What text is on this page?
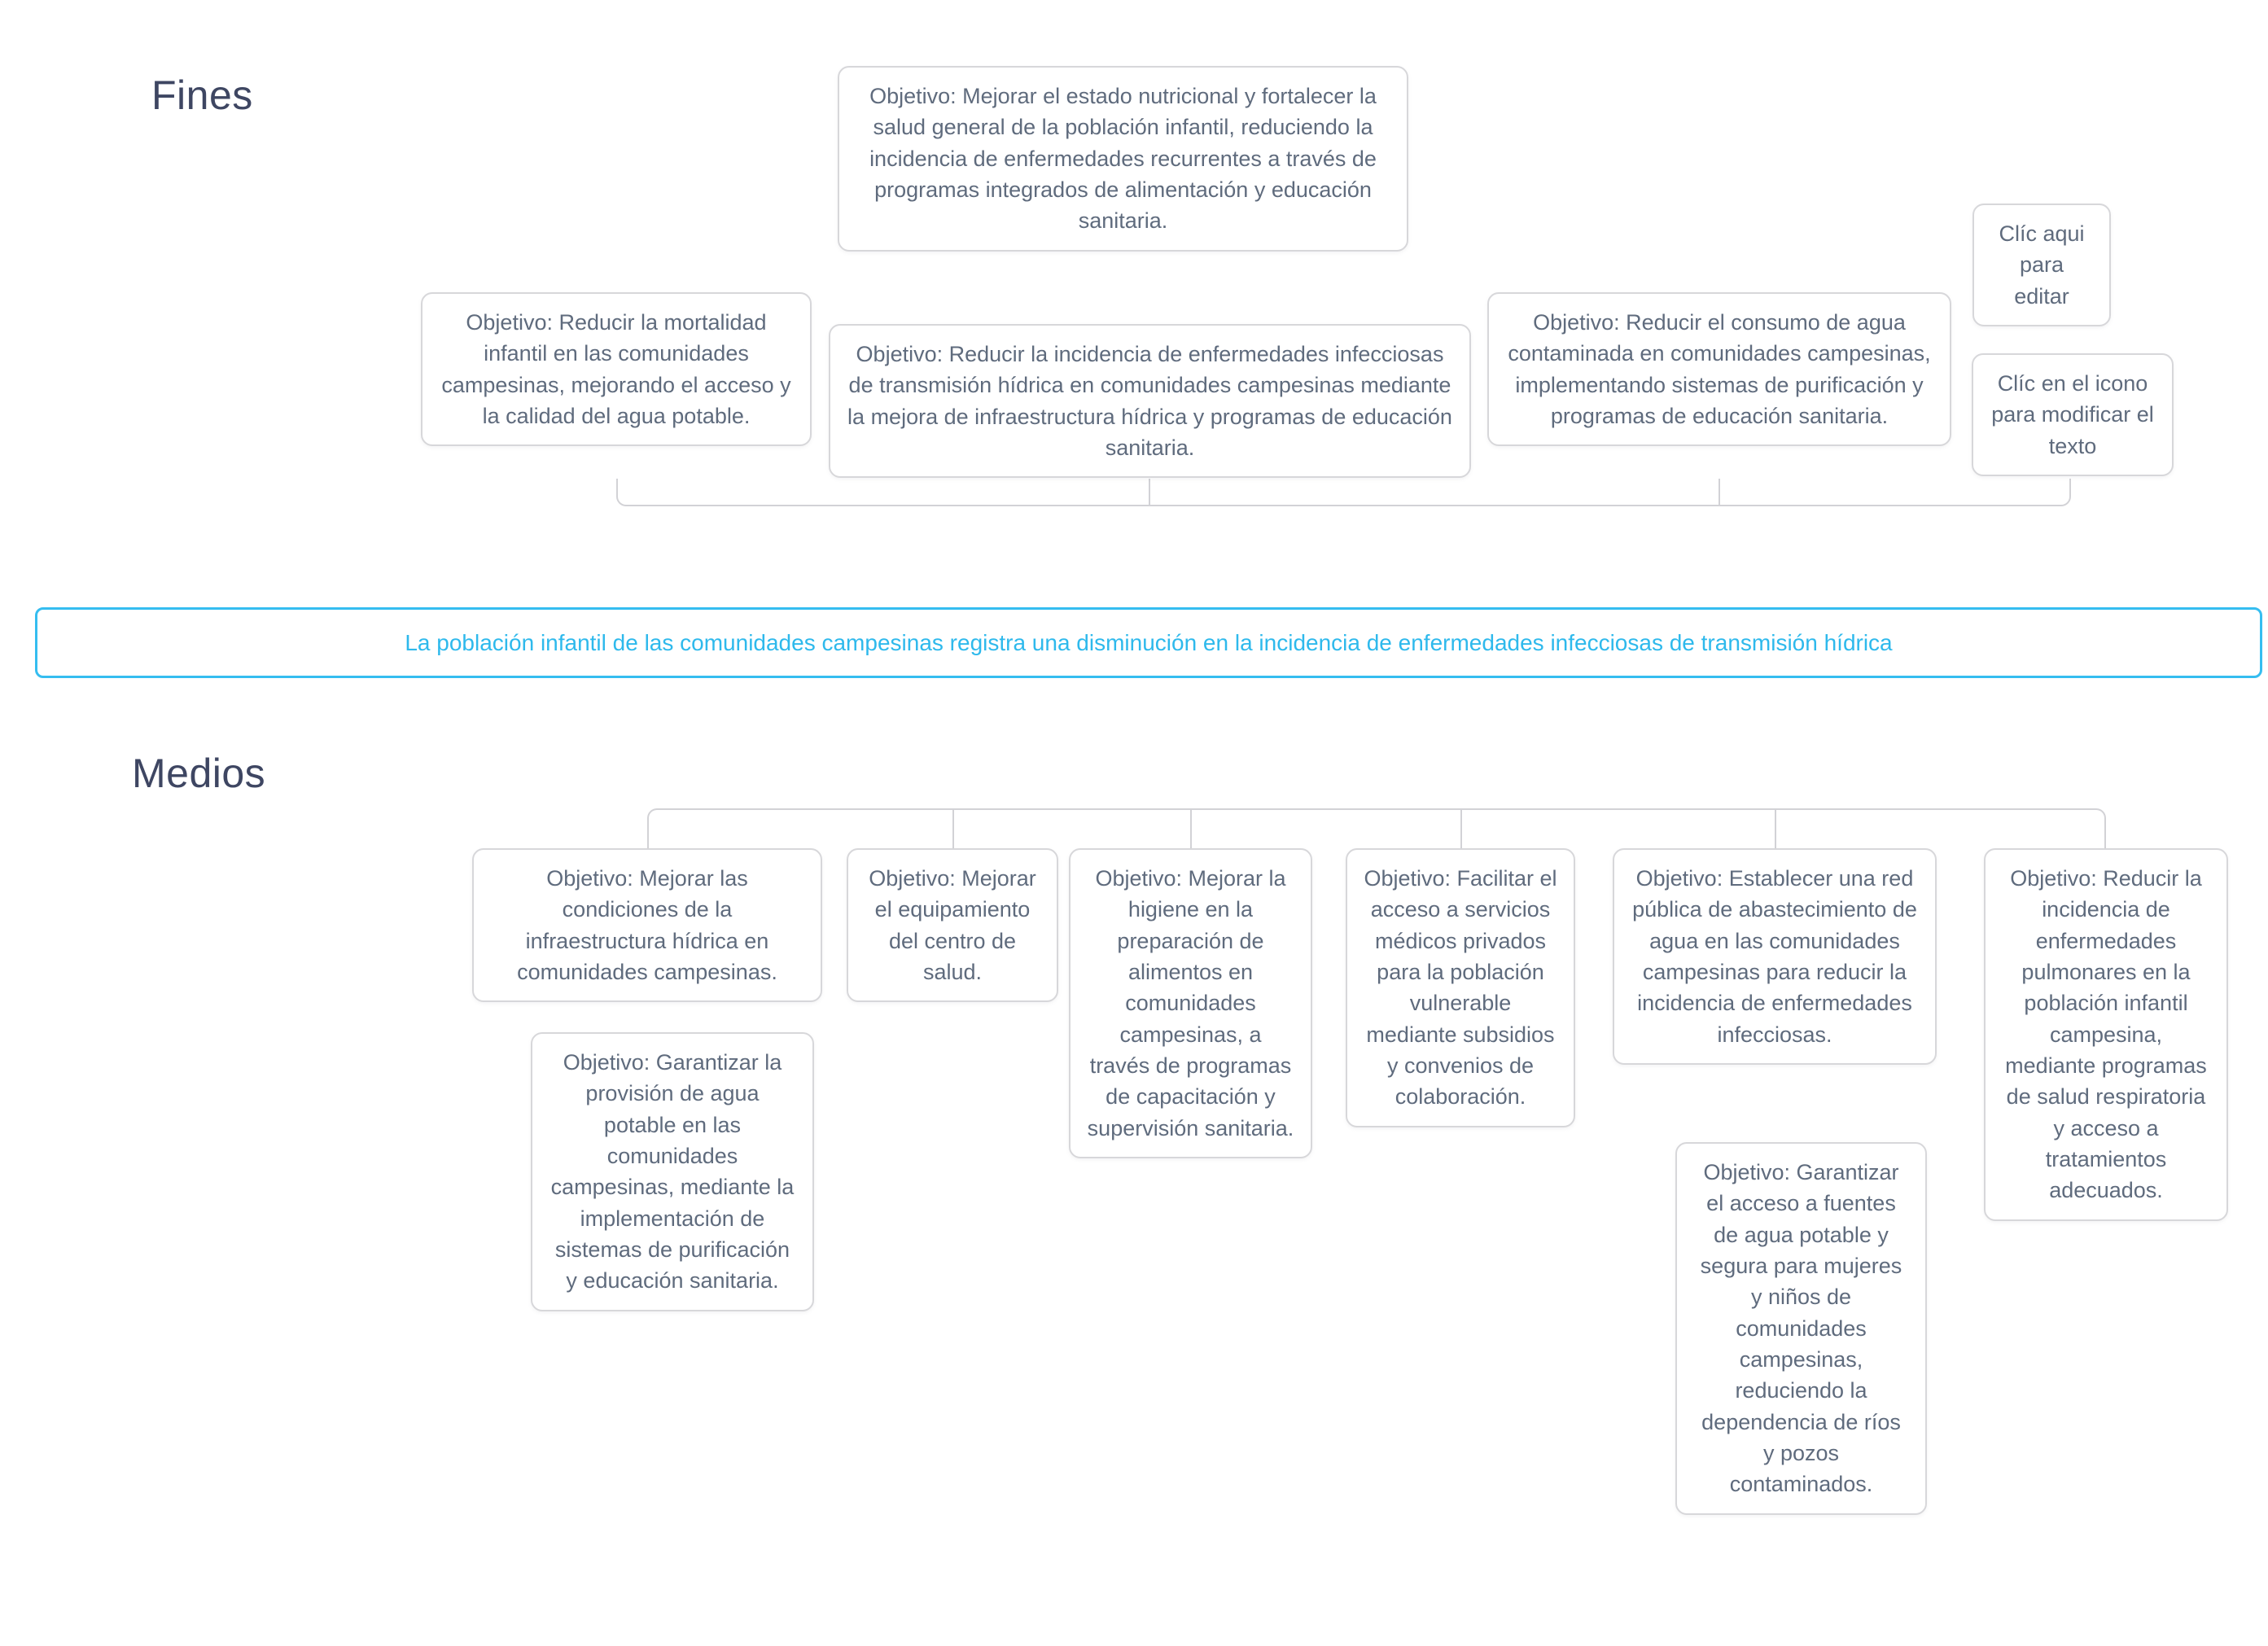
Fines
Medios
Objetivo: Mejorar el estado nutricional y fortalecer la salud general de la población infantil, reduciendo la incidencia de enfermedades recurrentes a través de programas integrados de alimentación y educación sanitaria.
Objetivo: Reducir la mortalidad infantil en las comunidades campesinas, mejorando el acceso y la calidad del agua potable.
Objetivo: Reducir la incidencia de enfermedades infecciosas de transmisión hídrica en comunidades campesinas mediante la mejora de infraestructura hídrica y programas de educación sanitaria.
Objetivo: Reducir el consumo de agua contaminada en comunidades campesinas, implementando sistemas de purificación y programas de educación sanitaria.
Clíc aqui para editar
Clíc en el icono para modificar el texto
La población infantil de las comunidades campesinas registra una disminución en la incidencia de enfermedades infecciosas de transmisión hídrica
Objetivo: Mejorar las condiciones de la infraestructura hídrica en comunidades campesinas.
Objetivo: Mejorar el equipamiento del centro de salud.
Objetivo: Mejorar la higiene en la preparación de alimentos en comunidades campesinas, a través de programas de capacitación y supervisión sanitaria.
Objetivo: Facilitar el acceso a servicios médicos privados para la población vulnerable mediante subsidios y convenios de colaboración.
Objetivo: Establecer una red pública de abastecimiento de agua en las comunidades campesinas para reducir la incidencia de enfermedades infecciosas.
Objetivo: Reducir la incidencia de enfermedades pulmonares en la población infantil campesina, mediante programas de salud respiratoria y acceso a tratamientos adecuados.
Objetivo: Garantizar la provisión de agua potable en las comunidades campesinas, mediante la implementación de sistemas de purificación y educación sanitaria.
Objetivo: Garantizar el acceso a fuentes de agua potable y segura para mujeres y niños de comunidades campesinas, reduciendo la dependencia de ríos y pozos contaminados.
